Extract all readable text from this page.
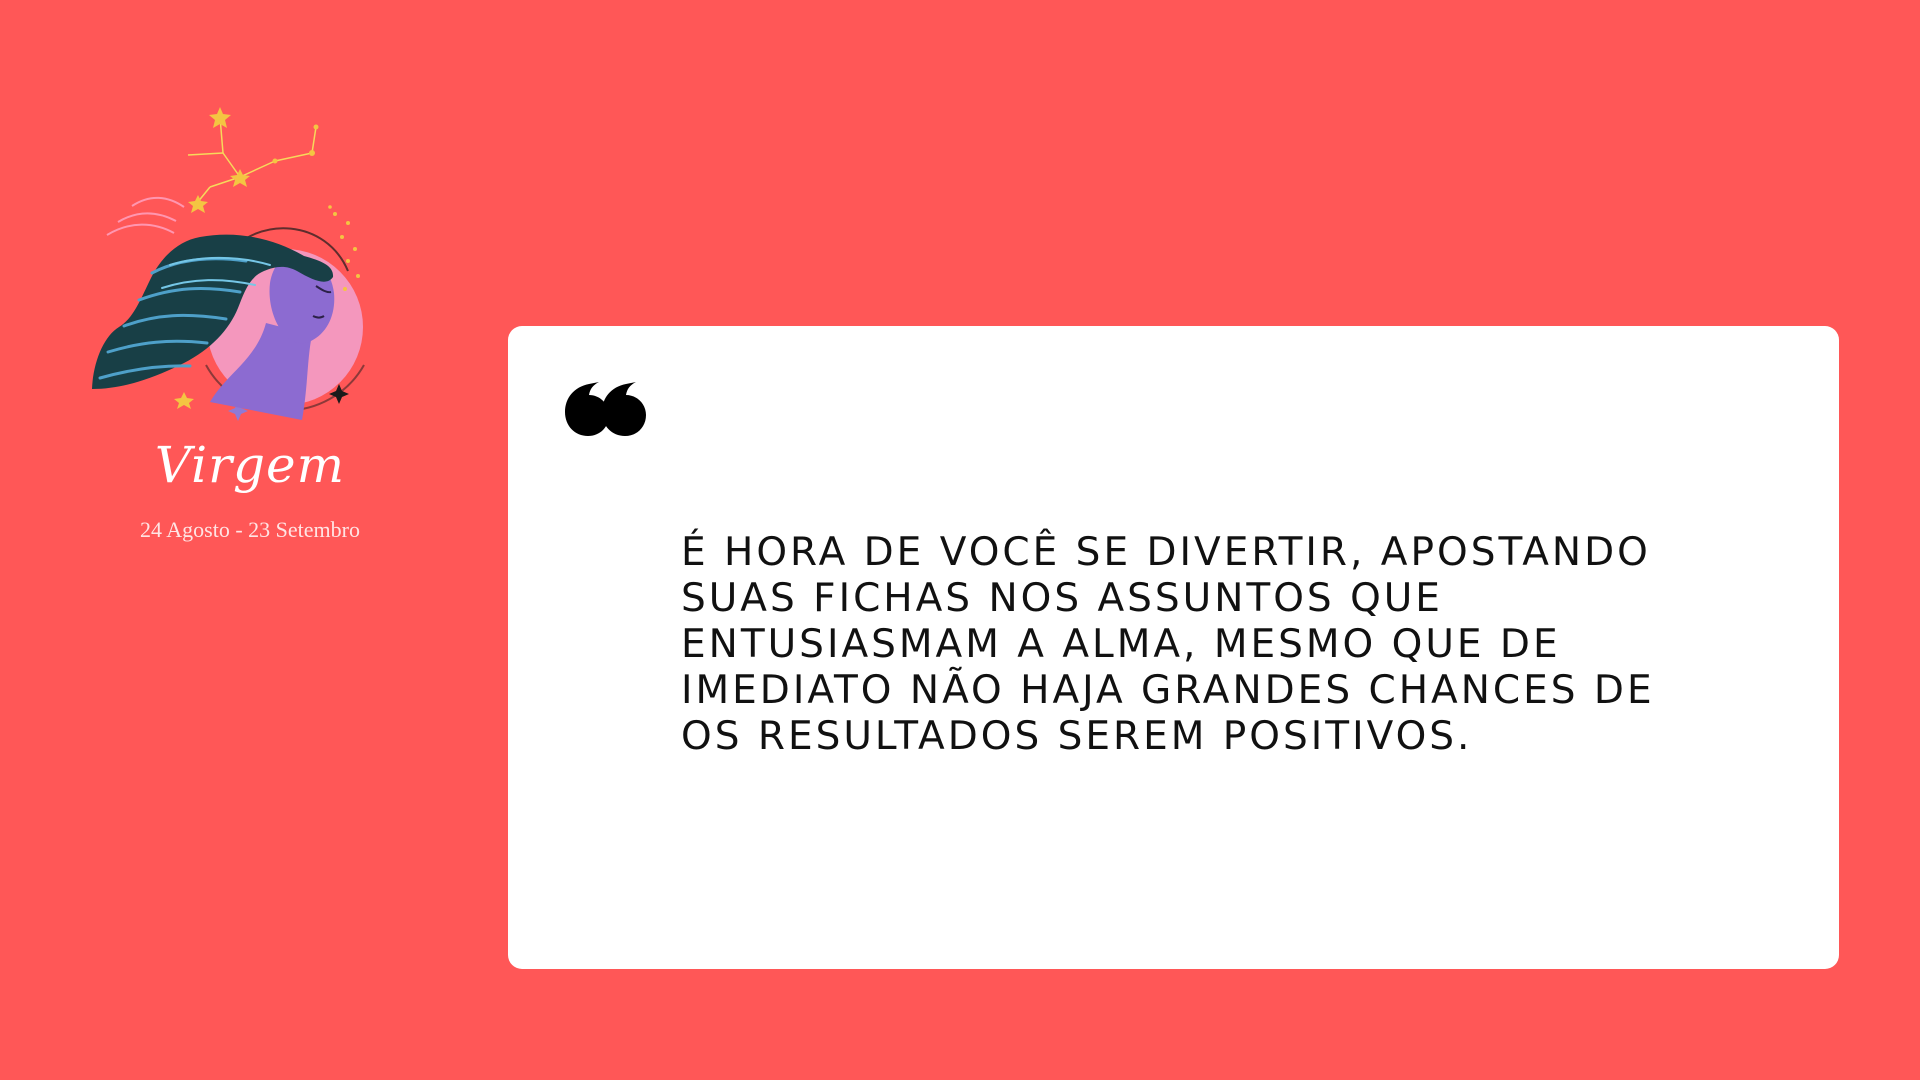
Virgem
24 Agosto - 23 Setembro

É HORA DE VOCÊ SE DIVERTIR, APOSTANDO SUAS FICHAS NOS ASSUNTOS QUE ENTUSIASMAM A ALMA, MESMO QUE DE IMEDIATO NÃO HAJA GRANDES CHANCES DE OS RESULTADOS SEREM POSITIVOS.
